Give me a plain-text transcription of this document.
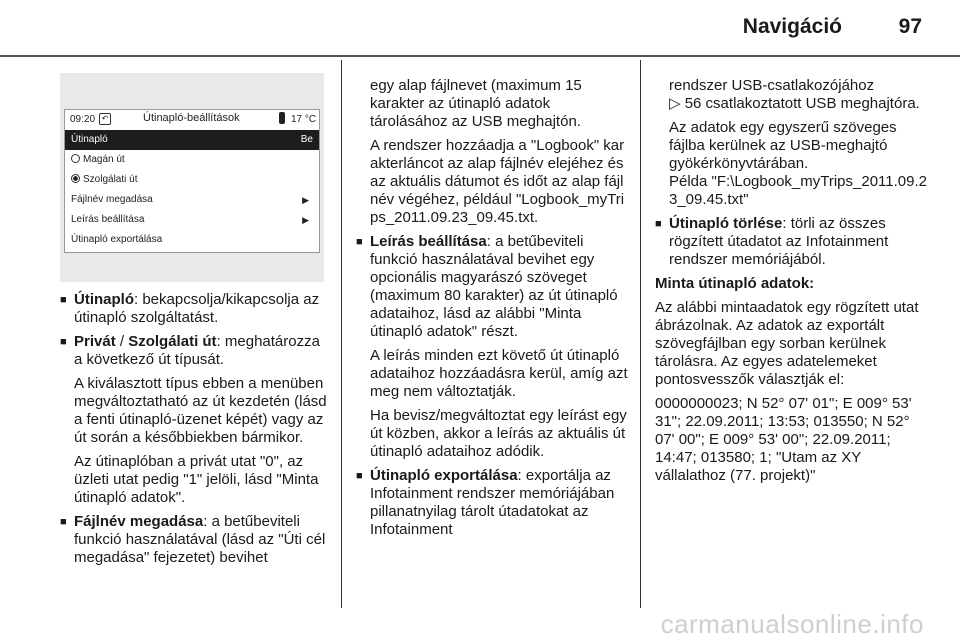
Navigáció	97
09:20 ↶	Útinapló-beállítások	17 °C
Útinapló	Be
Magán út
Szolgálati út
Fájlnév megadása	▶
Leírás beállítása	▶
Útinapló exportálása

■ Útinapló: bekapcsolja/kikapcsolja az útinapló szolgáltatást.

■ Privát / Szolgálati út: meghatározza a következő út típusát.

A kiválasztott típus ebben a menüben megváltoztatható az út kezdetén (lásd a fenti útinapló-üzenet képét) vagy az út során a későbbiekben bármikor.

Az útinaplóban a privát utat "0", az üzleti utat pedig "1" jelöli, lásd "Minta útinapló adatok".

■ Fájlnév megadása: a betűbeviteli funkció használatával (lásd az "Úti cél megadása" fejezetet) bevihet

egy alap fájlnevet (maximum 15 karakter az útinapló adatok tárolásához az USB meghajtón.

A rendszer hozzáadja a "Logbook" karakterláncot az alap fájlnév elejéhez és az aktuális dátumot és időt az alap fájlnév végéhez, például "Logbook_myTrips_2011.09.23_09.45.txt.

■ Leírás beállítása: a betűbeviteli funkció használatával bevihet egy opcionális magyarászó szöveget (maximum 80 karakter) az út útinapló adataihoz, lásd az alábbi "Minta útinapló adatok" részt.

A leírás minden ezt követő út útinapló adataihoz hozzáadásra kerül, amíg azt meg nem változtatják.

Ha bevisz/megváltoztat egy leírást egy út közben, akkor a leírás az aktuális út útinapló adataihoz adódik.

■ Útinapló exportálása: exportálja az Infotainment rendszer memóriájában pillanatnyilag tárolt útadatokat az Infotainment

rendszer USB-csatlakozójához
▷ 56 csatlakoztatott USB meghajtóra.

Az adatok egy egyszerű szöveges fájlba kerülnek az USB-meghajtó gyökérkönyvtárában.

Példa "F:\Logbook_myTrips_2011.09.23_09.45.txt"

■ Útinapló törlése: törli az összes rögzített útadatot az Infotainment rendszer memóriájából.

Minta útinapló adatok:

Az alábbi mintaadatok egy rögzített utat ábrázolnak. Az adatok az exportált szövegfájlban egy sorban kerülnek tárolásra. Az egyes adatelemeket pontosvesszők választják el:

0000000023; N 52° 07' 01"; E 009° 53' 31"; 22.09.2011; 13:53; 013550; N 52° 07' 00"; E 009° 53' 00"; 22.09.2011; 14:47; 013580; 1; "Utam az XY vállalathoz (77. projekt)"

carmanualsonline.info
